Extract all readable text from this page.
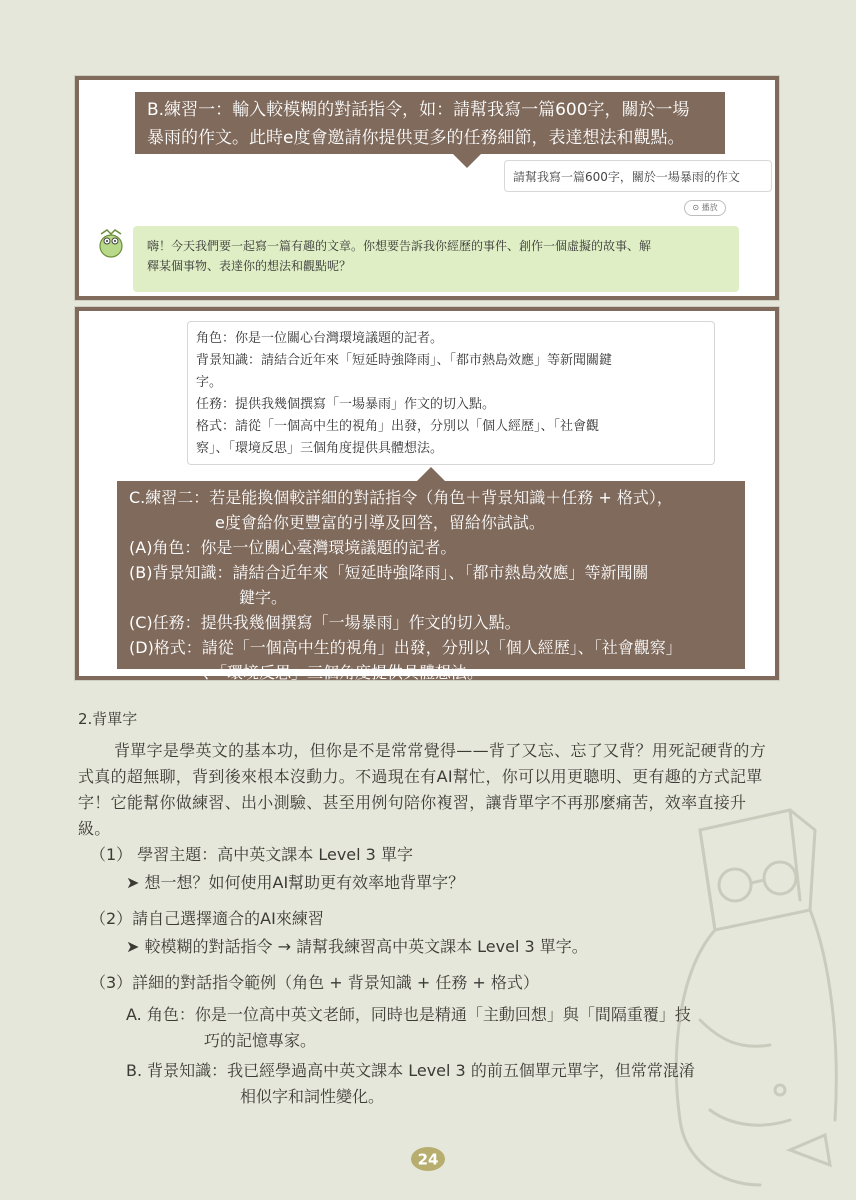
B.練習一：輸入較模糊的對話指令，如：請幫我寫一篇600字，關於一場
暴雨的作文。此時e度會邀請你提供更多的任務細節，表達想法和觀點。
請幫我寫一篇600字，關於一場暴雨的作文
⊙ 播放
嗨！今天我們要一起寫一篇有趣的文章。你想要告訴我你經歷的事件、創作一個虛擬的故事、解
釋某個事物、表達你的想法和觀點呢？

角色：你是一位關心台灣環境議題的記者。

背景知識：請結合近年來「短延時強降雨」、「都市熱島效應」等新聞關鍵

字。

任務：提供我幾個撰寫「一場暴雨」作文的切入點。

格式：請從「一個高中生的視角」出發，分別以「個人經歷」、「社會觀

察」、「環境反思」三個角度提供具體想法。

C.練習二：若是能換個較詳細的對話指令（角色＋背景知識＋任務 + 格式），

e度會給你更豐富的引導及回答，留給你試試。

(A)角色：你是一位關心臺灣環境議題的記者。

(B)背景知識：請結合近年來「短延時強降雨」、「都市熱島效應」等新聞關

鍵字。

(C)任務：提供我幾個撰寫「一場暴雨」作文的切入點。

(D)格式：請從「一個高中生的視角」出發，分別以「個人經歷」、「社會觀察」

、「環境反思」三個角度提供具體想法。

2.背單字
背單字是學英文的基本功，但你是不是常常覺得——背了又忘、忘了又背？用死記硬背的方式真的超無聊，背到後來根本沒動力。不過現在有AI幫忙，你可以用更聰明、更有趣的方式記單字！它能幫你做練習、出小測驗、甚至用例句陪你複習，讓背單字不再那麼痛苦，效率直接升級。
（1） 學習主題：高中英文課本 Level 3 單字
➤ 想一想？如何使用AI幫助更有效率地背單字？
（2）請自己選擇適合的AI來練習
➤ 較模糊的對話指令 → 請幫我練習高中英文課本 Level 3 單字。
（3）詳細的對話指令範例（角色 + 背景知識 + 任務 + 格式）
A. 角色：你是一位高中英文老師，同時也是精通「主動回想」與「間隔重覆」技
巧的記憶專家。
B. 背景知識：我已經學過高中英文課本 Level 3 的前五個單元單字，但常常混淆
相似字和詞性變化。
24
